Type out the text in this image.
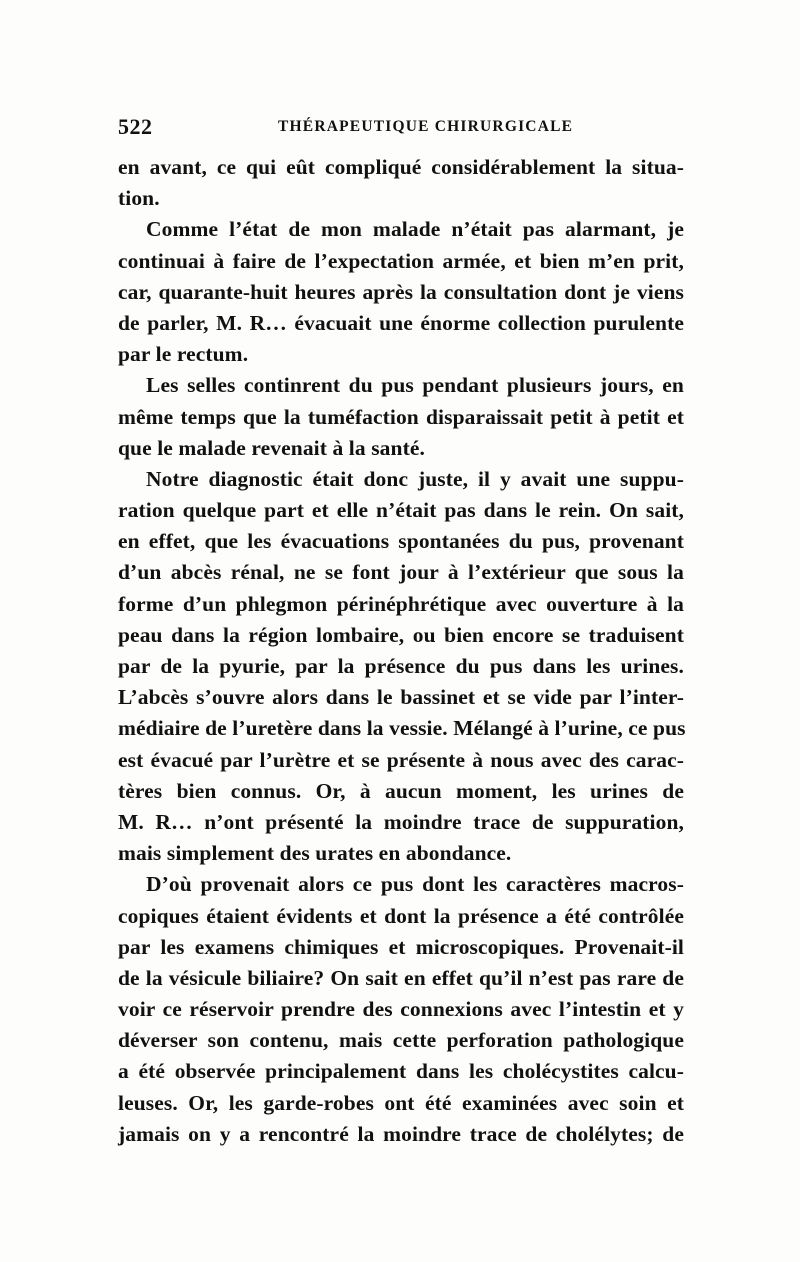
522	THÉRAPEUTIQUE CHIRURGICALE
en avant, ce qui eût compliqué considérablement la situa-
tion.
Comme l’état de mon malade n’était pas alarmant, je
continuai à faire de l’expectation armée, et bien m’en prit,
car, quarante-huit heures après la consultation dont je viens
de parler, M. R… évacuait une énorme collection purulente
par le rectum.
Les selles continrent du pus pendant plusieurs jours, en
même temps que la tuméfaction disparaissait petit à petit et
que le malade revenait à la santé.
Notre diagnostic était donc juste, il y avait une suppu-
ration quelque part et elle n’était pas dans le rein. On sait,
en effet, que les évacuations spontanées du pus, provenant
d’un abcès rénal, ne se font jour à l’extérieur que sous la
forme d’un phlegmon périnéphrétique avec ouverture à la
peau dans la région lombaire, ou bien encore se traduisent
par de la pyurie, par la présence du pus dans les urines.
L’abcès s’ouvre alors dans le bassinet et se vide par l’inter-
médiaire de l’uretère dans la vessie. Mélangé à l’urine, ce pus
est évacué par l’urètre et se présente à nous avec des carac-
tères bien connus. Or, à aucun moment, les urines de
M. R… n’ont présenté la moindre trace de suppuration,
mais simplement des urates en abondance.
D’où provenait alors ce pus dont les caractères macros-
copiques étaient évidents et dont la présence a été contrôlée
par les examens chimiques et microscopiques. Provenait-il
de la vésicule biliaire? On sait en effet qu’il n’est pas rare de
voir ce réservoir prendre des connexions avec l’intestin et y
déverser son contenu, mais cette perforation pathologique
a été observée principalement dans les cholécystites calcu-
leuses. Or, les garde-robes ont été examinées avec soin et
jamais on y a rencontré la moindre trace de cholélytes; de
